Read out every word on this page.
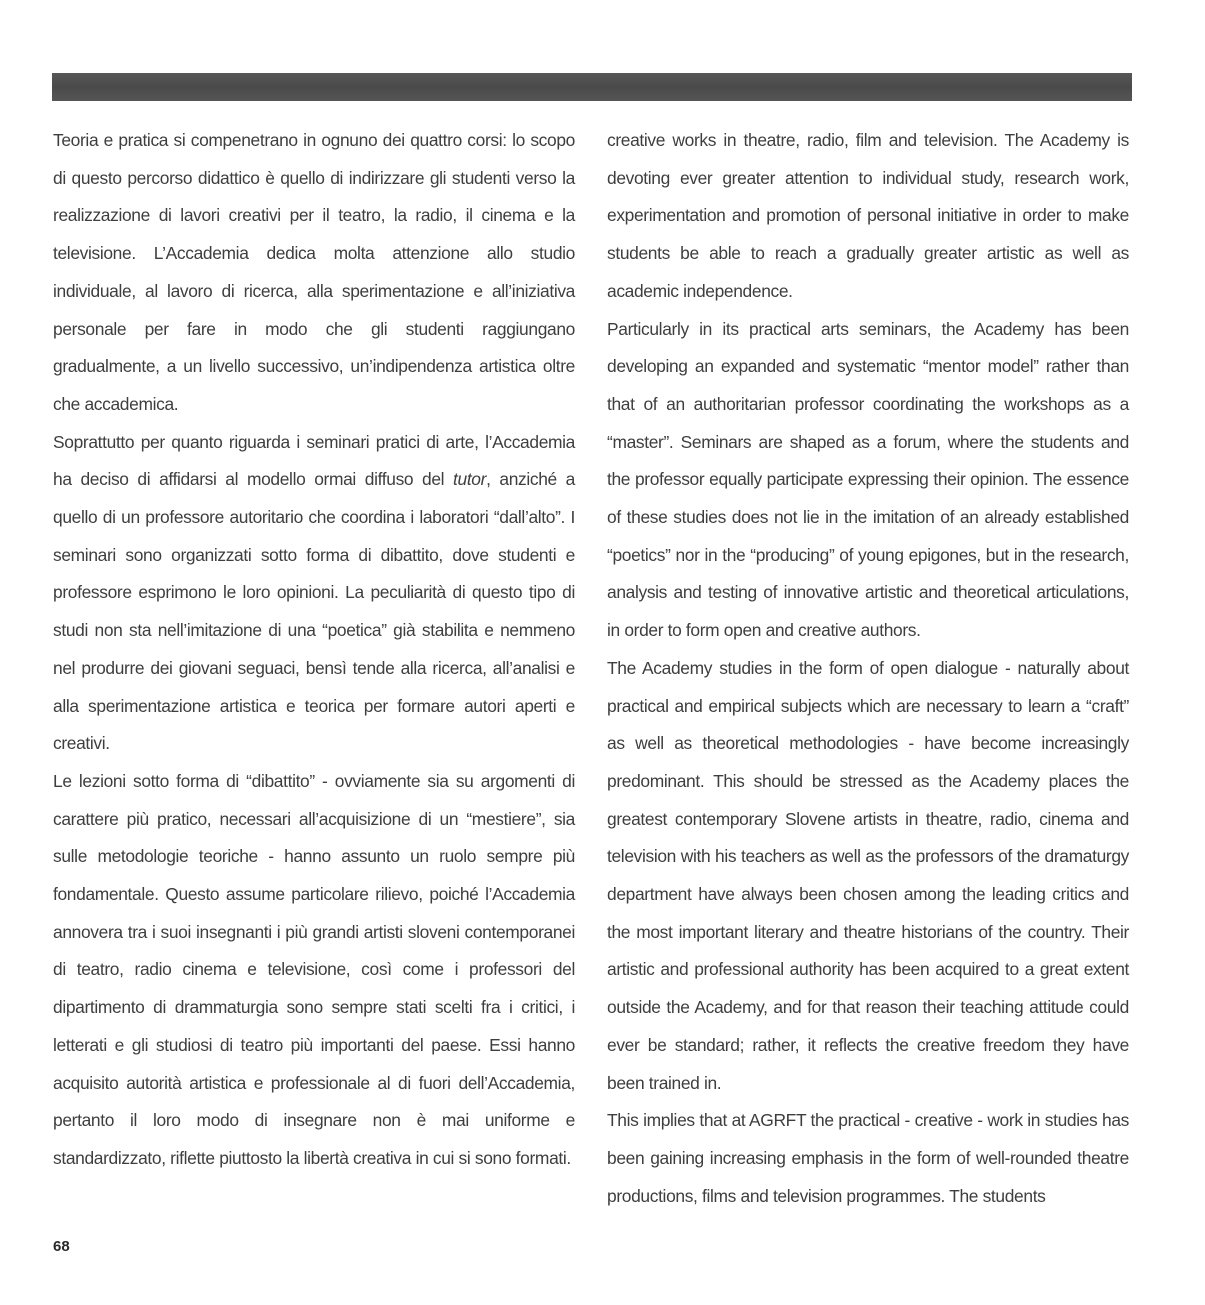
Teoria e pratica si compenetrano in ognuno dei quattro corsi: lo scopo di questo percorso didattico è quello di indirizzare gli studenti verso la realizzazione di lavori creativi per il teatro, la radio, il cinema e la televisione. L’Accademia dedica molta attenzione allo studio individuale, al lavoro di ricerca, alla sperimentazione e all’iniziativa personale per fare in modo che gli studenti raggiungano gradualmente, a un livello successivo, un’indipendenza artistica oltre che accademica.

Soprattutto per quanto riguarda i seminari pratici di arte, l’Accademia ha deciso di affidarsi al modello ormai diffuso del tutor, anziché a quello di un professore autoritario che coordina i laboratori “dall’alto”. I seminari sono organizzati sotto forma di dibattito, dove studenti e professore esprimono le loro opinioni. La peculiarità di questo tipo di studi non sta nell’imitazione di una “poetica” già stabilita e nemmeno nel produrre dei giovani seguaci, bensì tende alla ricerca, all’analisi e alla sperimentazione artistica e teorica per formare autori aperti e creativi.

Le lezioni sotto forma di “dibattito” - ovviamente sia su argomenti di carattere più pratico, necessari all’acquisizione di un “mestiere”, sia sulle metodologie teoriche - hanno assunto un ruolo sempre più fondamentale. Questo assume particolare rilievo, poiché l’Accademia annovera tra i suoi insegnanti i più grandi artisti sloveni contemporanei di teatro, radio cinema e televisione, così come i professori del dipartimento di drammaturgia sono sempre stati scelti fra i critici, i letterati e gli studiosi di teatro più importanti del paese. Essi hanno acquisito autorità artistica e professionale al di fuori dell’Accademia, pertanto il loro modo di insegnare non è mai uniforme e standardizzato, riflette piuttosto la libertà creativa in cui si sono formati.

creative works in theatre, radio, film and television. The Academy is devoting ever greater attention to individual study, research work, experimentation and promotion of personal initiative in order to make students be able to reach a gradually greater artistic as well as academic independence.

Particularly in its practical arts seminars, the Academy has been developing an expanded and systematic “mentor model” rather than that of an authoritarian professor coordinating the workshops as a “master”. Seminars are shaped as a forum, where the students and the professor equally participate expressing their opinion. The essence of these studies does not lie in the imitation of an already established “poetics” nor in the “producing” of young epigones, but in the research, analysis and testing of innovative artistic and theoretical articulations, in order to form open and creative authors.

The Academy studies in the form of open dialogue - naturally about practical and empirical subjects which are necessary to learn a “craft” as well as theoretical methodologies - have become increasingly predominant. This should be stressed as the Academy places the greatest contemporary Slovene artists in theatre, radio, cinema and television with his teachers as well as the professors of the dramaturgy department have always been chosen among the leading critics and the most important literary and theatre historians of the country. Their artistic and professional authority has been acquired to a great extent outside the Academy, and for that reason their teaching attitude could ever be standard; rather, it reflects the creative freedom they have been trained in.

This implies that at AGRFT the practical - creative - work in studies has been gaining increasing emphasis in the form of well-rounded theatre productions, films and television programmes. The students

68
